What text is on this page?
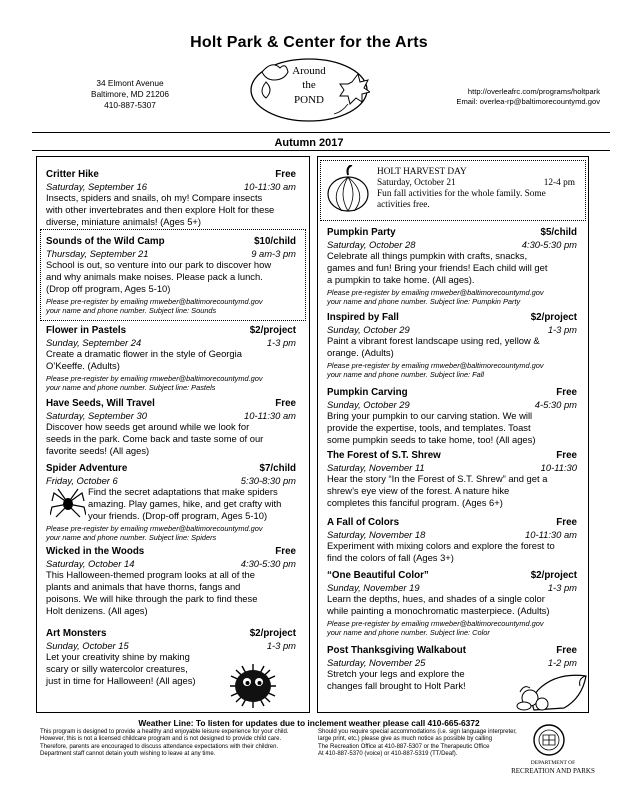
Holt Park & Center for the Arts
34 Elmont Avenue
Baltimore, MD 21206
410-887-5307
http://overleafrc.com/programs/holtpark
Email: overlea-rp@baltimorecountymd.gov
Around
the
POND
Autumn 2017
Critter Hike	Free
Saturday, September 16	10-11:30 am
Insects, spiders and snails, oh my! Compare insects
with other invertebrates and then explore Holt for these
diverse, miniature animals! (Ages 5+)
Sounds of the Wild Camp	$10/child
Thursday, September 21	9 am-3 pm
School is out, so venture into our park to discover how
and why animals make noises. Please pack a lunch.
(Drop off program, Ages 5-10)
Please pre-register by emailing rmweber@baltimorecountymd.gov
your name and phone number. Subject line: Sounds
Flower in Pastels	$2/project
Sunday, September 24	1-3 pm
Create a dramatic flower in the style of Georgia
O’Keeffe. (Adults)
Please pre-register by emailing rmweber@baltimorecountymd.gov
your name and phone number. Subject line: Pastels
Have Seeds, Will Travel	Free
Saturday, September 30	10-11:30 am
Discover how seeds get around while we look for
seeds in the park. Come back and taste some of our
favorite seeds! (All ages)
Spider Adventure	$7/child
Friday, October 6	5:30-8:30 pm
Find the secret adaptations that make spiders
amazing. Play games, hike, and get crafty with
your friends. (Drop-off program, Ages 5-10)
Please pre-register by emailing rmweber@baltimorecountymd.gov
your name and phone number. Subject line: Spiders
Wicked in the Woods	Free
Saturday, October 14	4:30-5:30 pm
This Halloween-themed program looks at all of the
plants and animals that have thorns, fangs and
poisons. We will hike through the park to find these
Holt denizens. (All ages)
Art Monsters	$2/project
Sunday, October 15	1-3 pm
Let your creativity shine by making
scary or silly watercolor creatures,
just in time for Halloween! (All ages)
HOLT HARVEST DAY
Saturday, October 21	12-4 pm
Fun fall activities for the whole family. Some
activities free.
Pumpkin Party	$5/child
Saturday, October 28	4:30-5:30 pm
Celebrate all things pumpkin with crafts, snacks,
games and fun! Bring your friends! Each child will get
a pumpkin to take home. (All ages).
Please pre-register by emailing rmweber@baltimorecountymd.gov
your name and phone number. Subject line: Pumpkin Party
Inspired by Fall	$2/project
Sunday, October 29	1-3 pm
Paint a vibrant forest landscape using red, yellow &
orange. (Adults)
Please pre-register by emailing rmweber@baltimorecountymd.gov
your name and phone number. Subject line: Fall
Pumpkin Carving	Free
Sunday, October 29	4-5:30 pm
Bring your pumpkin to our carving station. We will
provide the expertise, tools, and templates. Toast
some pumpkin seeds to take home, too! (All ages)
The Forest of S.T. Shrew	Free
Saturday, November 11	10-11:30
Hear the story “In the Forest of S.T. Shrew” and get a
shrew’s eye view of the forest. A nature hike
completes this fanciful program. (Ages 6+)
A Fall of Colors	Free
Saturday, November 18	10-11:30 am
Experiment with mixing colors and explore the forest to
find the colors of fall (Ages 3+)
“One Beautiful Color”	$2/project
Sunday, November 19	1-3 pm
Learn the depths, hues, and shades of a single color
while painting a monochromatic masterpiece. (Adults)
Please pre-register by emailing rmweber@baltimorecountymd.gov
your name and phone number. Subject line: Color
Post Thanksgiving Walkabout	Free
Saturday, November 25	1-2 pm
Stretch your legs and explore the
changes fall brought to Holt Park!
Weather Line: To listen for updates due to inclement weather please call 410-665-6372
This program is designed to provide a healthy and enjoyable leisure experience for your child.
However, this is not a licensed childcare program and is not designed to provide child care.
Therefore, parents are encouraged to discuss attendance expectations with their children.
Department staff cannot detain youth wishing to leave at any time.
Should you require special accommodations (i.e. sign language interpreter,
large print, etc.) please give as much notice as possible by calling
The Recreation Office at 410-887-5307 or the Therapeutic Office
At 410-887-5370 (voice) or 410-887-5319 (TT/Deaf).
DEPARTMENT OF
RECREATION AND PARKS
